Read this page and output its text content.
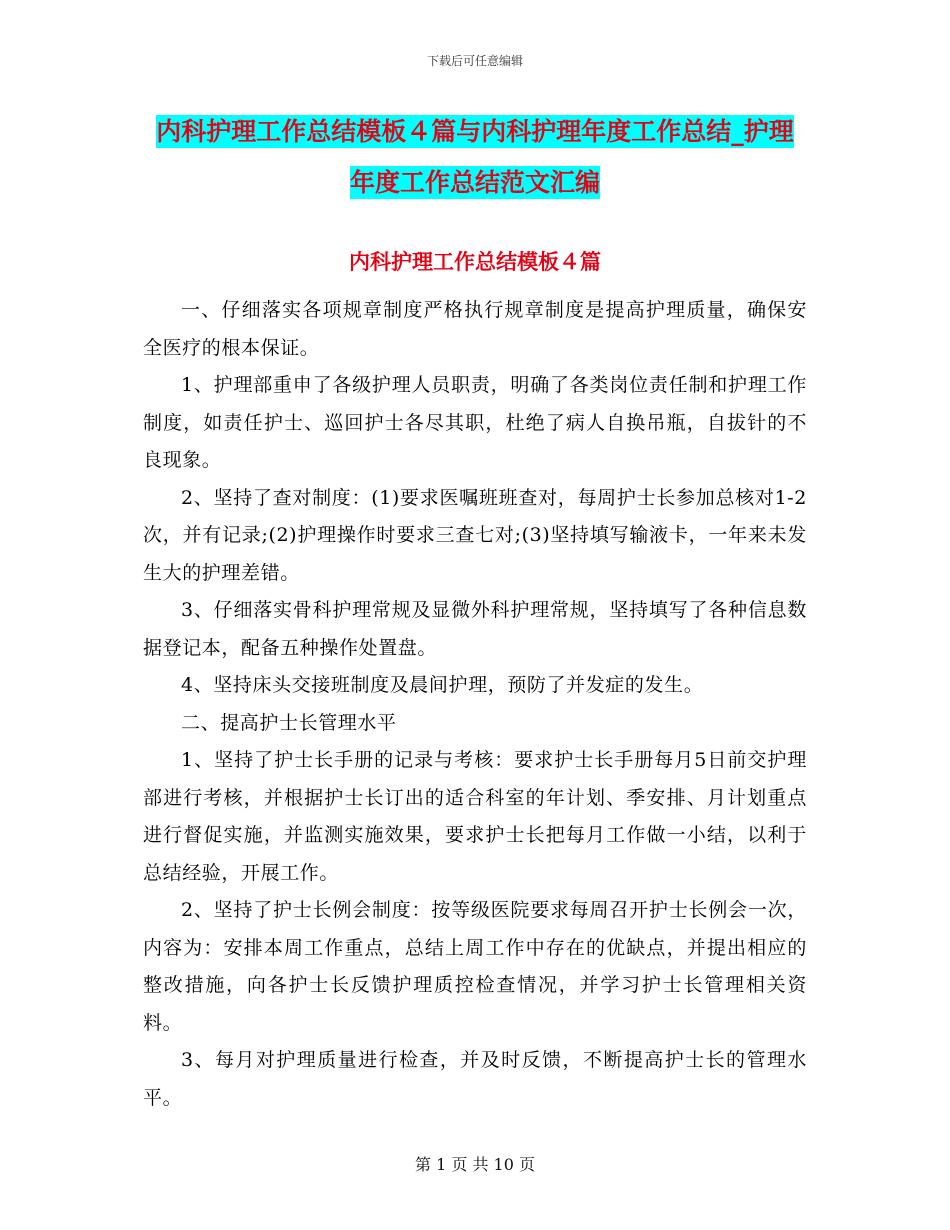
下载后可任意编辑
内科护理工作总结模板４篇与内科护理年度工作总结_护理年度工作总结范文汇编
内科护理工作总结模板４篇

一、仔细落实各项规章制度严格执行规章制度是提高护理质量，确保安全医疗的根本保证。

1、护理部重申了各级护理人员职责，明确了各类岗位责任制和护理工作制度，如责任护士、巡回护士各尽其职，杜绝了病人自换吊瓶，自拔针的不良现象。

2、坚持了查对制度：(1)要求医嘱班班查对，每周护士长参加总核对1-2次，并有记录;(2)护理操作时要求三查七对;(3)坚持填写输液卡，一年来未发生大的护理差错。

3、仔细落实骨科护理常规及显微外科护理常规，坚持填写了各种信息数据登记本，配备五种操作处置盘。

4、坚持床头交接班制度及晨间护理，预防了并发症的发生。

二、提高护士长管理水平

1、坚持了护士长手册的记录与考核：要求护士长手册每月5日前交护理部进行考核，并根据护士长订出的适合科室的年计划、季安排、月计划重点进行督促实施，并监测实施效果，要求护士长把每月工作做一小结，以利于总结经验，开展工作。

2、坚持了护士长例会制度：按等级医院要求每周召开护士长例会一次，内容为：安排本周工作重点，总结上周工作中存在的优缺点，并提出相应的整改措施，向各护士长反馈护理质控检查情况，并学习护士长管理相关资料。

3、每月对护理质量进行检查，并及时反馈，不断提高护士长的管理水平。

第 1 页 共 10 页
